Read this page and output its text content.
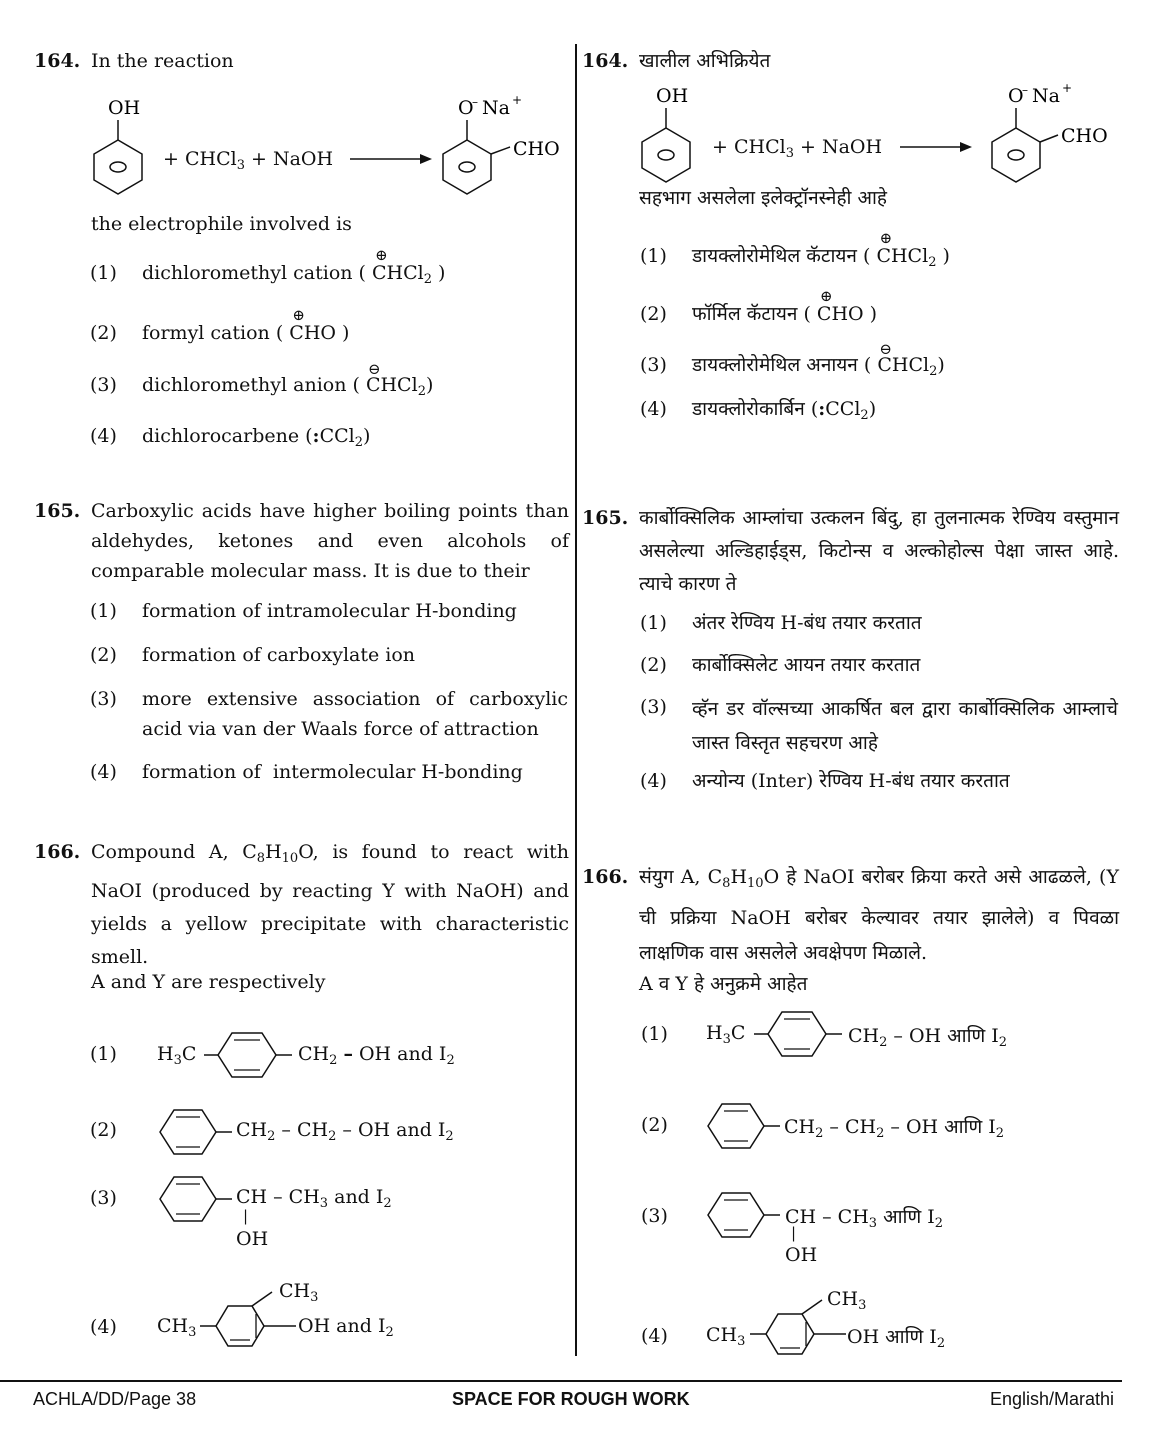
164. In the reaction
OH	O
– Na +
CHO
+ CHCl$_3$ + NaOH
the electrophile involved is
(1) dichloromethyl cation ( CHCl$_2$
⊕
)
(2) formyl cation ( CHO
⊕
)
(3) dichloromethyl anion ( CHCl$_2$
⊖
)
(4) dichlorocarbene (:CCl$_2$)
165. Carboxylic acids have higher boiling points than aldehydes, ketones and even alcohols of comparable molecular mass. It is due to their
(1) formation of intramolecular H-bonding
(2) formation of carboxylate ion
(3) more extensive association of carboxylic acid via van der Waals force of attraction
(4) formation of  intermolecular H-bonding
166. Compound A, $C_8H_{10}O$, is found to react with NaOI (produced by reacting Y with NaOH) and yields a yellow precipitate with characteristic smell.
A and Y are respectively
(1) $H_3C$	$CH_2$ – OH and $I_2$
(2)	$CH_2 - CH_2$ – OH and $I_2$
(3)	CH – $CH_3$ and $I_2$
|
OH
(4) $CH_3$
$CH_3$
OH and $I_2$
164. खालील अभिक्रियेत
OH	O
– Na +
CHO
+ CHCl$_3$ + NaOH
सहभाग असलेला इलेक्ट्रॉनस्नेही आहे
(1) डायक्लोरोमेथिल कॅटायन ( CHCl$_2$
⊕
)
(2) फॉर्मिल कॅटायन ( CHO
⊕
)
(3) डायक्लोरोमेथिल अनायन ( CHCl$_2$
⊖
)
(4) डायक्लोरोकार्बिन (:CCl$_2$)
165. कार्बोक्सिलिक आम्लांचा उत्कलन बिंदु, हा तुलनात्मक रेण्विय वस्तुमान असलेल्या अल्डिहाईड्स, किटोन्स व अल्कोहोल्स पेक्षा जास्त आहे. त्याचे कारण ते
(1) अंतर रेण्विय H-बंध तयार करतात
(2) कार्बोक्सिलेट आयन तयार करतात
(3) व्हॅन डर वॉल्सच्या आकर्षित बल द्वारा कार्बोक्सिलिक आम्लाचे जास्त विस्तृत सहचरण आहे
(4) अन्योन्य (Inter) रेण्विय H-बंध तयार करतात
166. संयुग A, $C_8H_{10}O$ हे NaOI बरोबर क्रिया करते असे आढळले, (Y ची प्रक्रिया NaOH बरोबर केल्यावर तयार झालेले) व पिवळा लाक्षणिक वास असलेले अवक्षेपण मिळाले.
A व Y हे अनुक्रमे आहेत
(1) $H_3C$	$CH_2$ – OH आणि $I_2$
(2)	$CH_2 - CH_2$ – OH आणि $I_2$
(3)	CH – $CH_3$ आणि $I_2$
|
OH
(4) $CH_3$
$CH_3$
OH आणि $I_2$
ACHLA/DD/Page 38	SPACE FOR ROUGH WORK	English/Marathi
